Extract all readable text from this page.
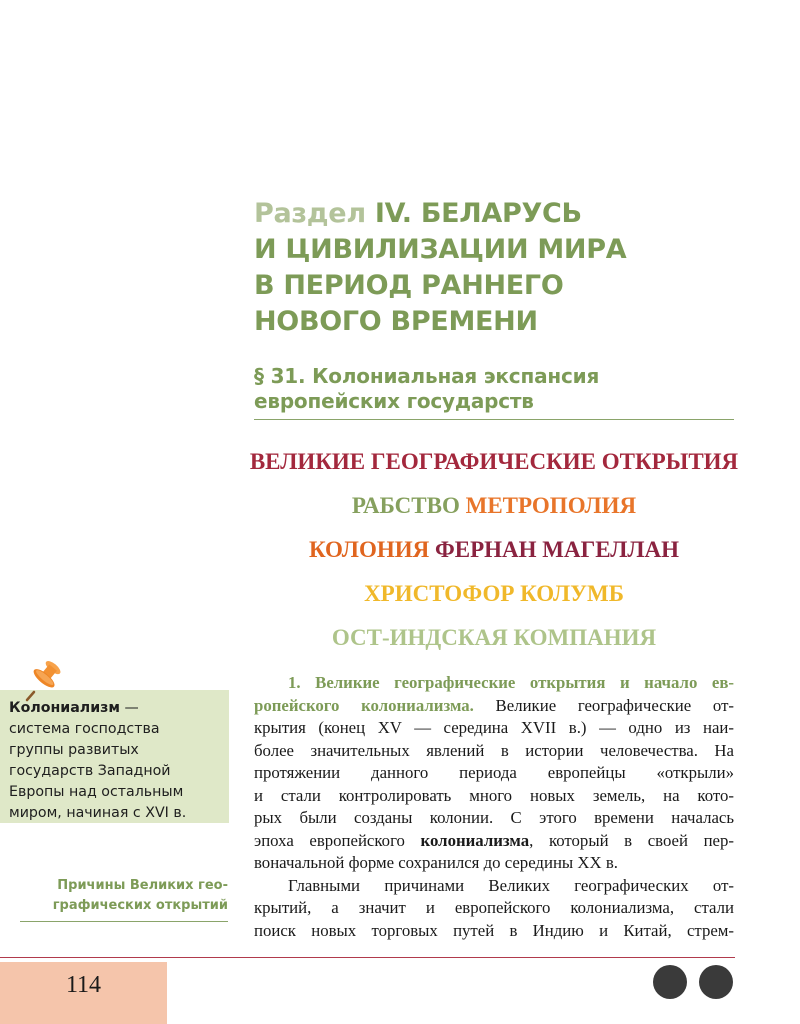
Раздел IV. БЕЛАРУСЬ
И ЦИВИЛИЗАЦИИ МИРА
В ПЕРИОД РАННЕГО
НОВОГО ВРЕМЕНИ
§ 31. Колониальная экспансия
европейских государств
ВЕЛИКИЕ ГЕОГРАФИЧЕСКИЕ ОТКРЫТИЯ
РАБСТВО МЕТРОПОЛИЯ
КОЛОНИЯ ФЕРНАН МАГЕЛЛАН
ХРИСТОФОР КОЛУМБ
ОСТ-ИНДСКАЯ КОМПАНИЯ
Колониализм —
система господства
группы развитых
государств Западной
Европы над остальным
миром, начиная с XVI в.
Причины Великих гео-
графических открытий
1. Великие географические открытия и начало ев-
ропейского колониализма. Великие географические от-
крытия (конец XV — середина XVII в.) — одно из наи-
более значительных явлений в истории человечества. На
протяжении данного периода европейцы «открыли»
и стали контролировать много новых земель, на кото-
рых были созданы колонии. С этого времени началась
эпоха европейского колониализма, который в своей пер-
воначальной форме сохранился до середины XX в.
Главными причинами Великих географических от-
крытий, а значит и европейского колониализма, стали
поиск новых торговых путей в Индию и Китай, стрем-
114
